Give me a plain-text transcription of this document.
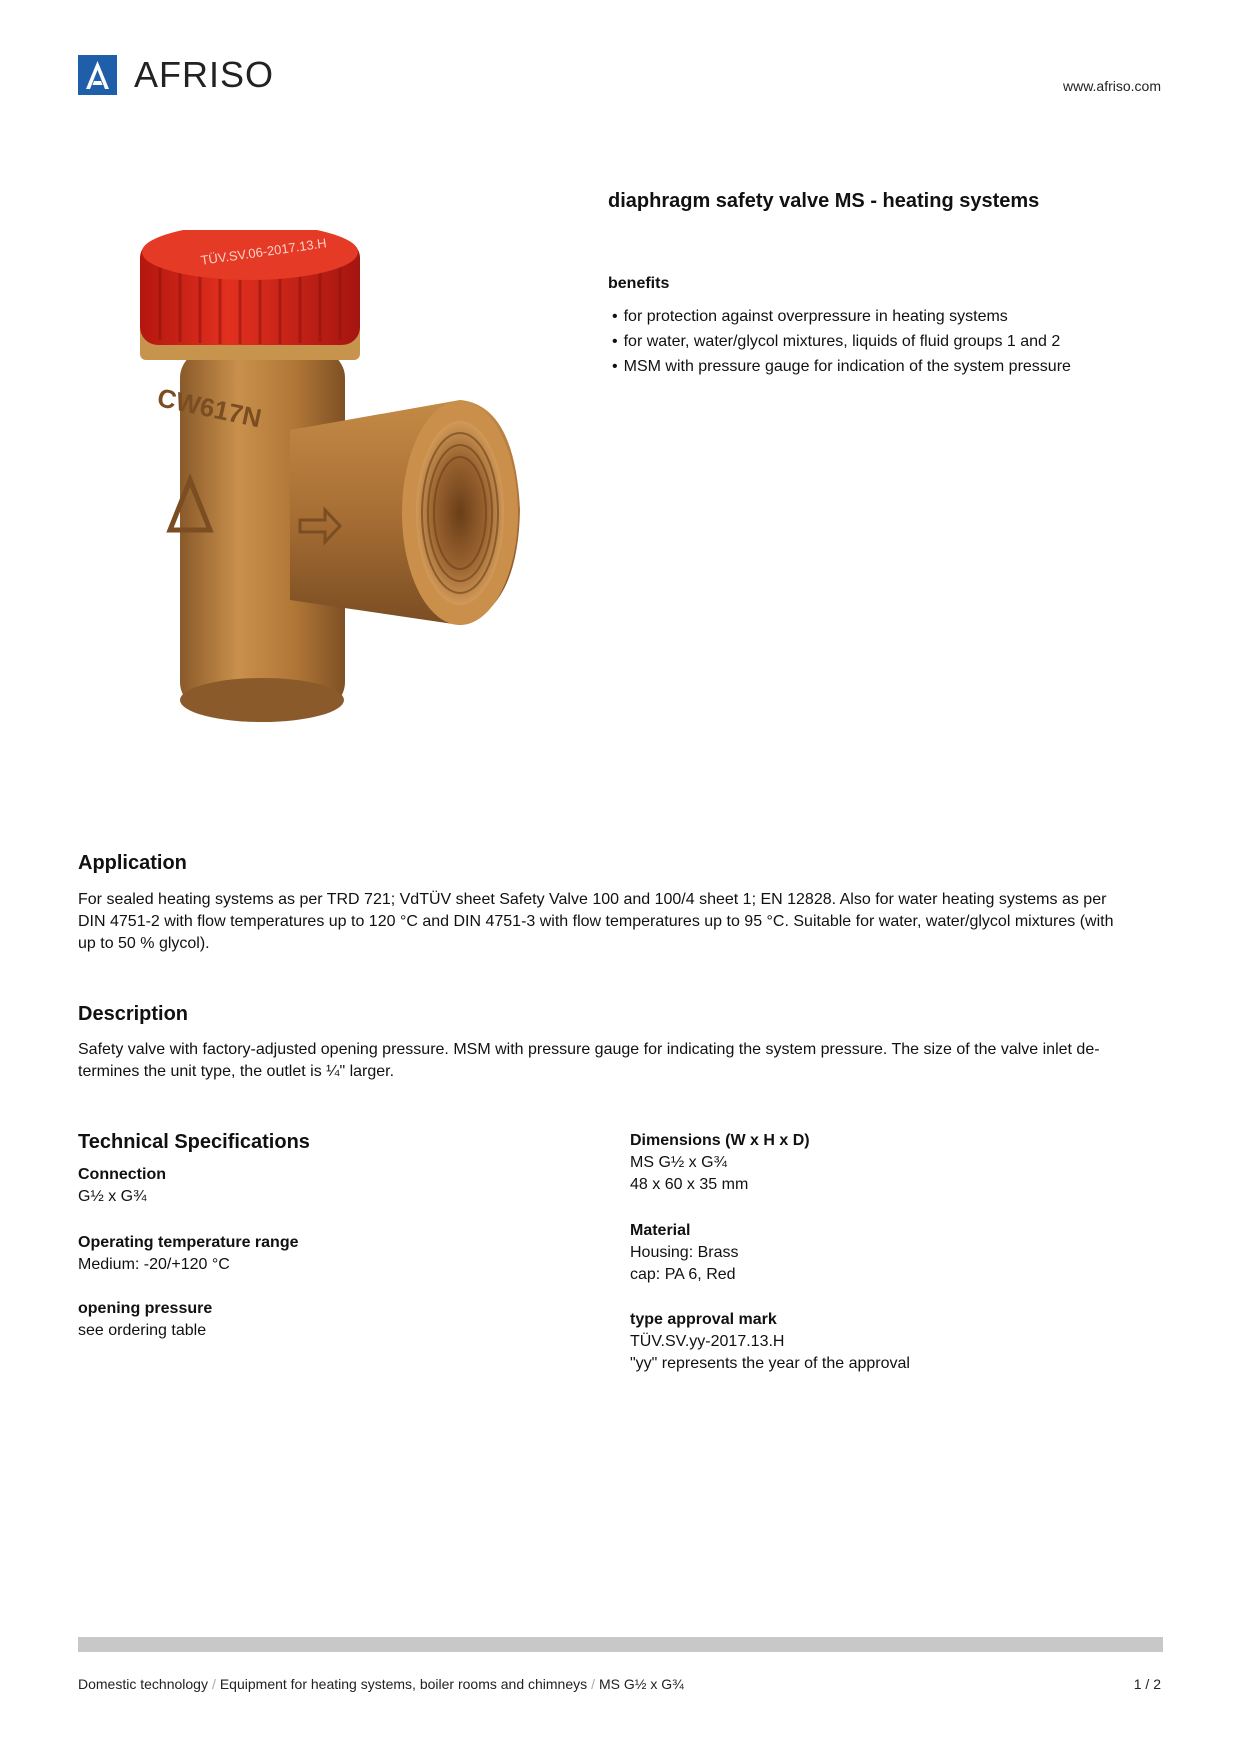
AFRISO	www.afriso.com
CW617N
TÜV.SV.06-2017.13.H
diaphragm safety valve MS - heating systems
benefits
• for protection against overpressure in heating systems
• for water, water/glycol mixtures, liquids of fluid groups 1 and 2
• MSM with pressure gauge for indication of the system pressure
Application
For sealed heating systems as per TRD 721; VdTÜV sheet Safety Valve 100 and 100/4 sheet 1; EN 12828. Also for water heating systems as per
DIN 4751-2 with flow temperatures up to 120 °C and DIN 4751-3 with flow temperatures up to 95 °C. Suitable for water, water/glycol mixtures (with
up to 50 % glycol).
Description
Safety valve with factory-adjusted opening pressure. MSM with pressure gauge for indicating the system pressure. The size of the valve inlet de-
termines the unit type, the outlet is ¼" larger.
Technical Specifications
Connection
G½ x G¾
Operating temperature range
Medium: -20/+120 °C
opening pressure
see ordering table
Dimensions (W x H x D)
MS G½ x G¾
48 x 60 x 35 mm
Material
Housing: Brass
cap: PA 6, Red
type approval mark
TÜV.SV.yy-2017.13.H
"yy" represents the year of the approval
Domestic technology / Equipment for heating systems, boiler rooms and chimneys / MS G½ x G¾	1 / 2
